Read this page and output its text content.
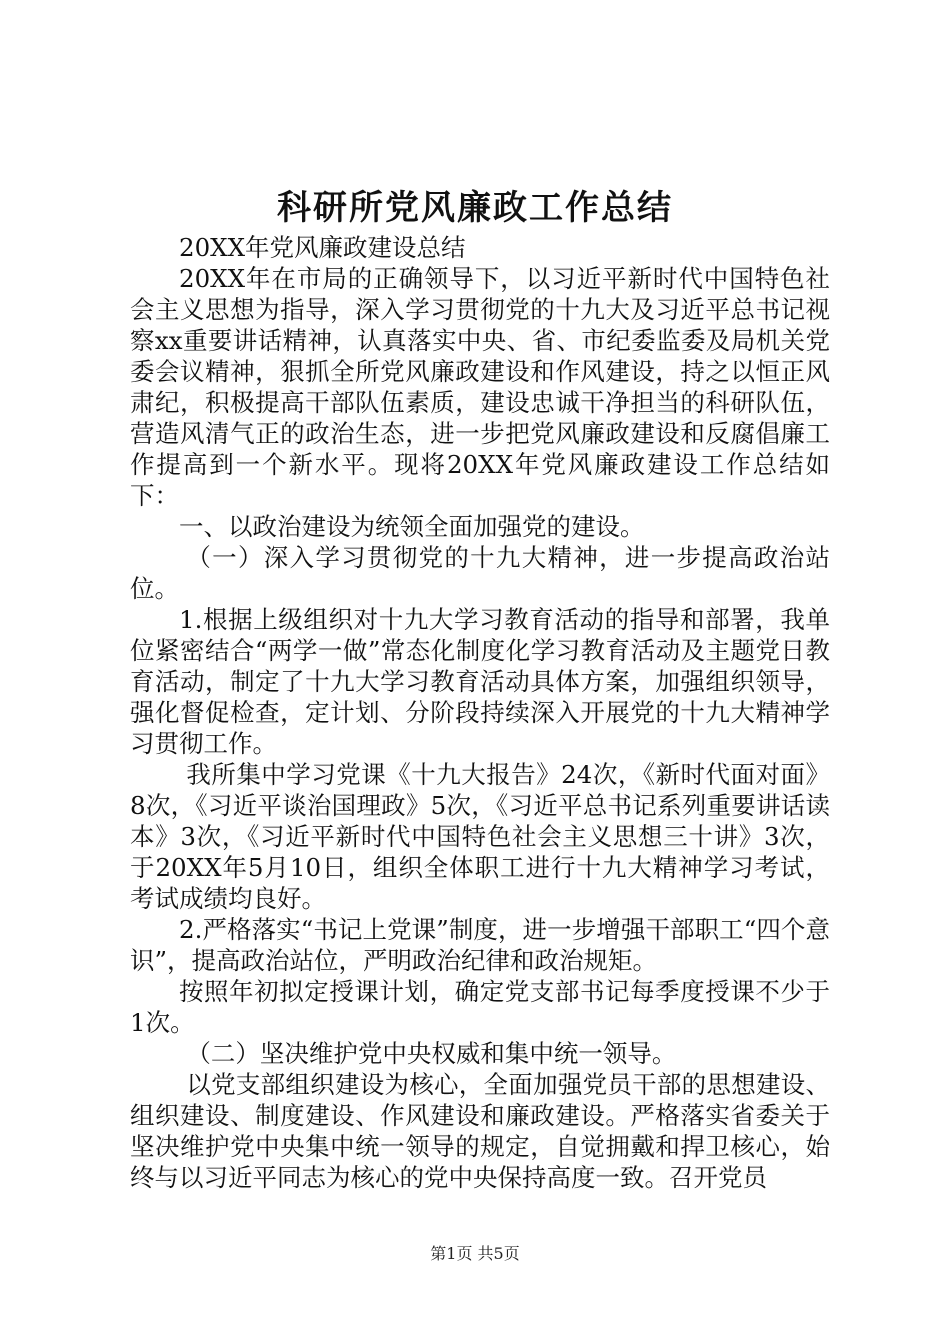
科研所党风廉政工作总结

20XX年党风廉政建设总结

20XX年在市局的正确领导下，以习近平新时代中国特色社会主义思想为指导，深入学习贯彻党的十九大及习近平总书记视察xx重要讲话精神，认真落实中央、省、市纪委监委及局机关党委会议精神，狠抓全所党风廉政建设和作风建设，持之以恒正风肃纪，积极提高干部队伍素质，建设忠诚干净担当的科研队伍，营造风清气正的政治生态，进一步把党风廉政建设和反腐倡廉工作提高到一个新水平。现将20XX年党风廉政建设工作总结如下：

一、以政治建设为统领全面加强党的建设。

（一）深入学习贯彻党的十九大精神，进一步提高政治站位。

1.根据上级组织对十九大学习教育活动的指导和部署，我单位紧密结合“两学一做”常态化制度化学习教育活动及主题党日教育活动，制定了十九大学习教育活动具体方案，加强组织领导，强化督促检查，定计划、分阶段持续深入开展党的十九大精神学习贯彻工作。

我所集中学习党课《十九大报告》24次，《新时代面对面》8次，《习近平谈治国理政》5次，《习近平总书记系列重要讲话读本》3次，《习近平新时代中国特色社会主义思想三十讲》3次，于20XX年5月10日，组织全体职工进行十九大精神学习考试，考试成绩均良好。

2.严格落实“书记上党课”制度，进一步增强干部职工“四个意识”，提高政治站位，严明政治纪律和政治规矩。

按照年初拟定授课计划，确定党支部书记每季度授课不少于1次。

（二）坚决维护党中央权威和集中统一领导。

以党支部组织建设为核心，全面加强党员干部的思想建设、组织建设、制度建设、作风建设和廉政建设。严格落实省委关于坚决维护党中央集中统一领导的规定，自觉拥戴和捍卫核心，始终与以习近平同志为核心的党中央保持高度一致。召开党员

第1页 共5页
